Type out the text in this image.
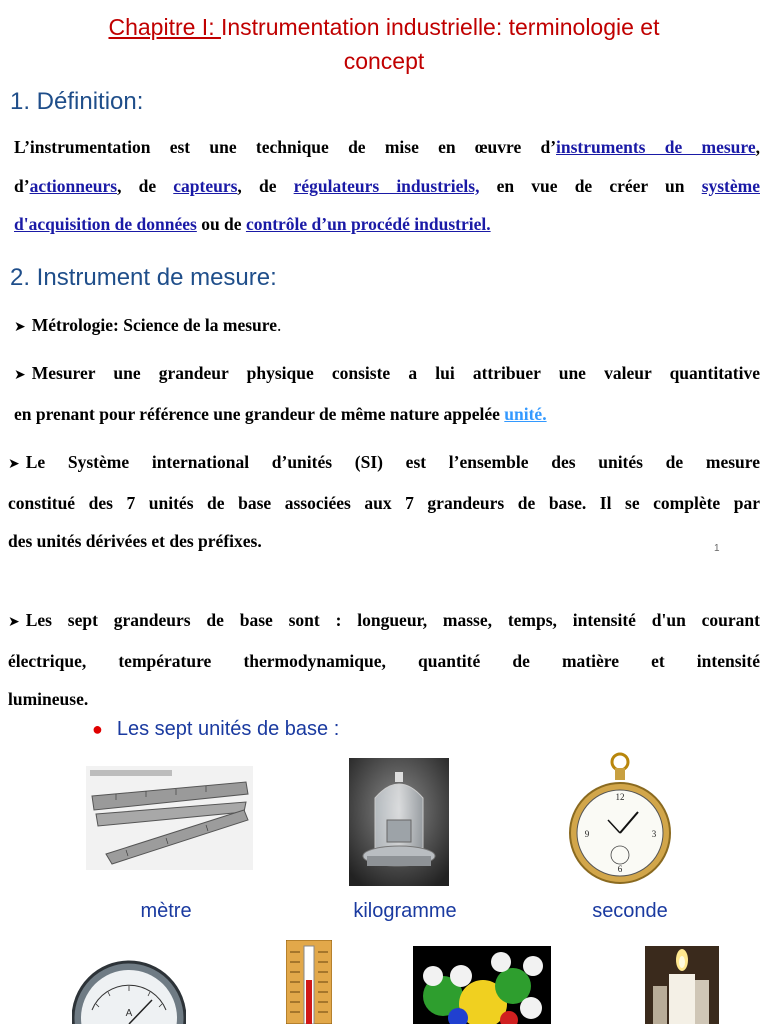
Chapitre I: Instrumentation industrielle: terminologie et
concept
1. Définition:
L’instrumentation est une technique de mise en œuvre d’instruments de mesure,
d’actionneurs, de capteurs, de régulateurs industriels, en vue de créer un système
d'acquisition de données ou de contrôle d’un procédé industriel.
2. Instrument de mesure:
➤ Métrologie: Science de la mesure.
➤ Mesurer une grandeur physique consiste a lui attribuer une valeur quantitative
en prenant pour référence une grandeur de même nature appelée unité.
➤ Le Système international d’unités (SI) est l’ensemble des unités de mesure
constitué des 7 unités de base associées aux 7 grandeurs de base. Il se complète par
des unités dérivées et des préfixes.	1
➤ Les sept grandeurs de base sont : longueur, masse, temps, intensité d'un courant
électrique, température thermodynamique, quantité de matière et intensité
lumineuse.
● Les sept unités de base :
12
3
6
9
mètre	kilogramme	seconde
A
